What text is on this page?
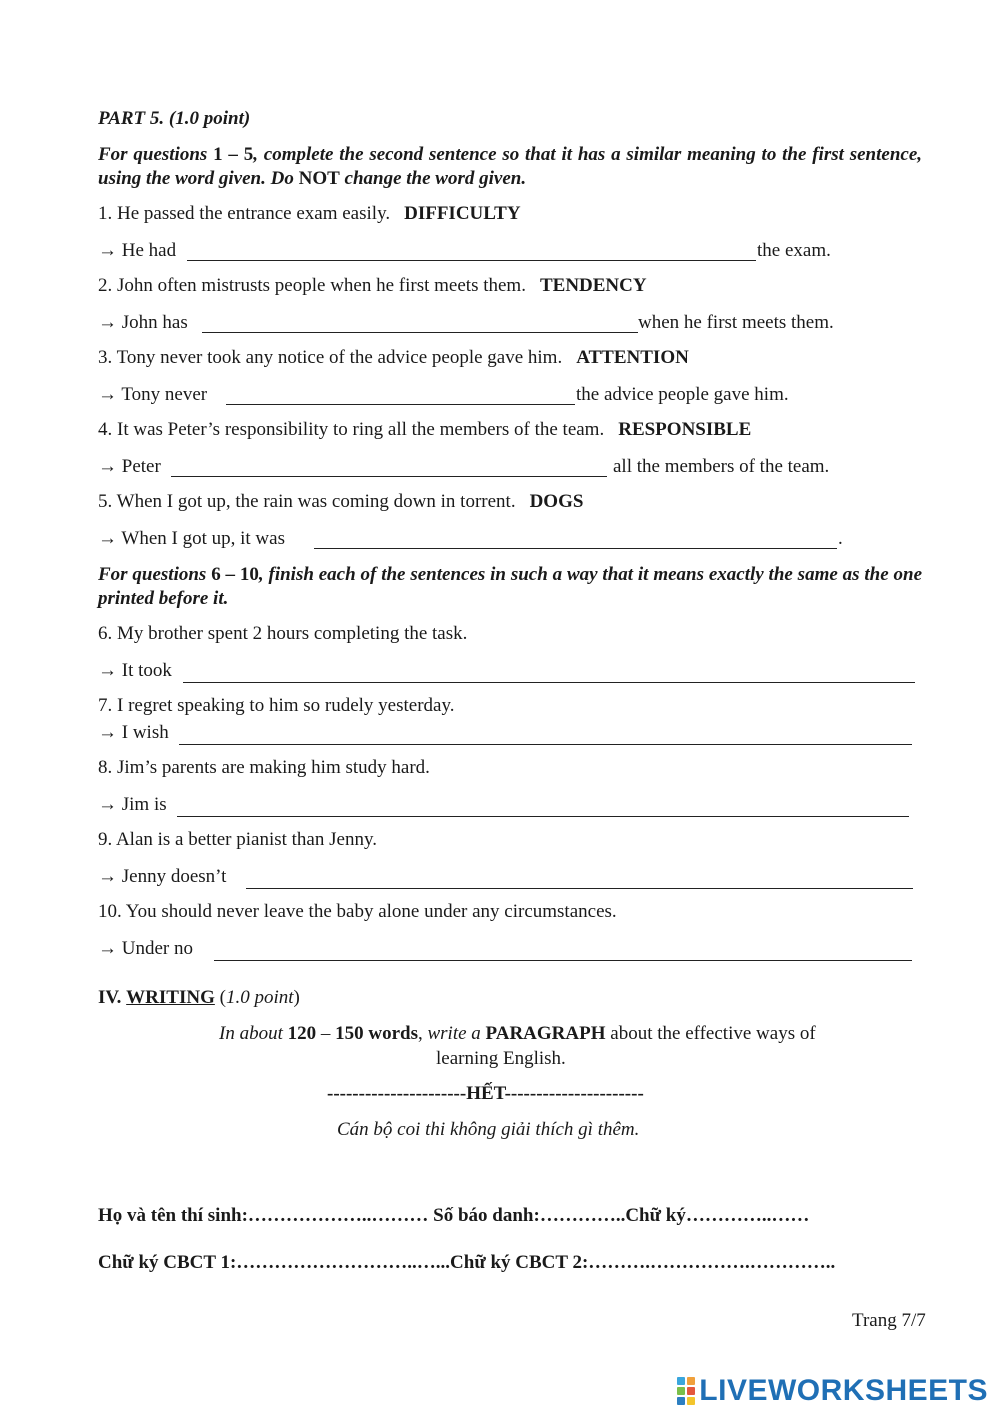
PART 5. (1.0 point)
For questions 1 – 5, complete the second sentence so that it has a similar meaning to the first sentence, using the word given. Do NOT change the word given.
1. He passed the entrance exam easily. DIFFICULTY
→ He had	the exam.
2. John often mistrusts people when he first meets them. TENDENCY
→ John has	when he first meets them.
3. Tony never took any notice of the advice people gave him. ATTENTION
→ Tony never	the advice people gave him.
4. It was Peter’s responsibility to ring all the members of the team. RESPONSIBLE
→ Peter	all the members of the team.
5. When I got up, the rain was coming down in torrent. DOGS
→ When I got up, it was	.
For questions 6 – 10, finish each of the sentences in such a way that it means exactly the same as the one printed before it.
6. My brother spent 2 hours completing the task.
→ It took
7. I regret speaking to him so rudely yesterday.
→ I wish
8. Jim’s parents are making him study hard.
→ Jim is
9. Alan is a better pianist than Jenny.
→ Jenny doesn’t
10. You should never leave the baby alone under any circumstances.
→ Under no
IV. WRITING (1.0 point)
In about 120 – 150 words, write a PARAGRAPH about the effective ways of
learning English.
----------------------HẾT----------------------
Cán bộ coi thi không giải thích gì thêm.
Họ và tên thí sinh:………………..……… Số báo danh:…………..Chữ ký…………..……
Chữ ký CBCT 1:………………………..…...Chữ ký CBCT 2:……….…………….…………..
Trang 7/7
LIVEWORKSHEETS
